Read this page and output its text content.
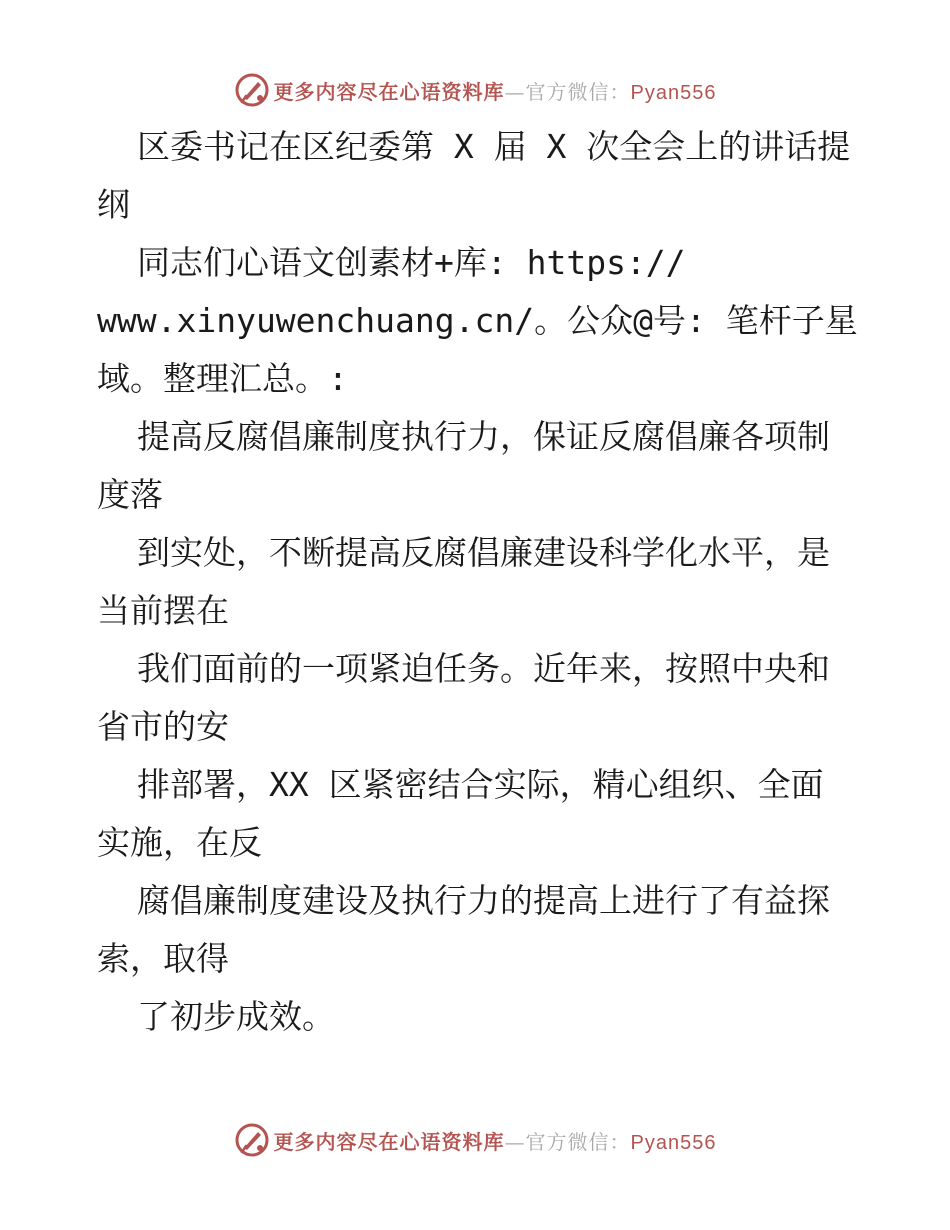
更多内容尽在心语资料库—官方微信：Pyan556
区委书记在区纪委第 X 届 X 次全会上的讲话提
纲
同志们心语文创素材+库: https://
www.xinyuwenchuang.cn/。公众@号: 笔杆子星
域。整理汇总。:
提高反腐倡廉制度执行力，保证反腐倡廉各项制
度落
到实处，不断提高反腐倡廉建设科学化水平，是
当前摆在
我们面前的一项紧迫任务。近年来，按照中央和
省市的安
排部署，XX 区紧密结合实际，精心组织、全面
实施，在反
腐倡廉制度建设及执行力的提高上进行了有益探
索，取得
了初步成效。
更多内容尽在心语资料库—官方微信：Pyan556
